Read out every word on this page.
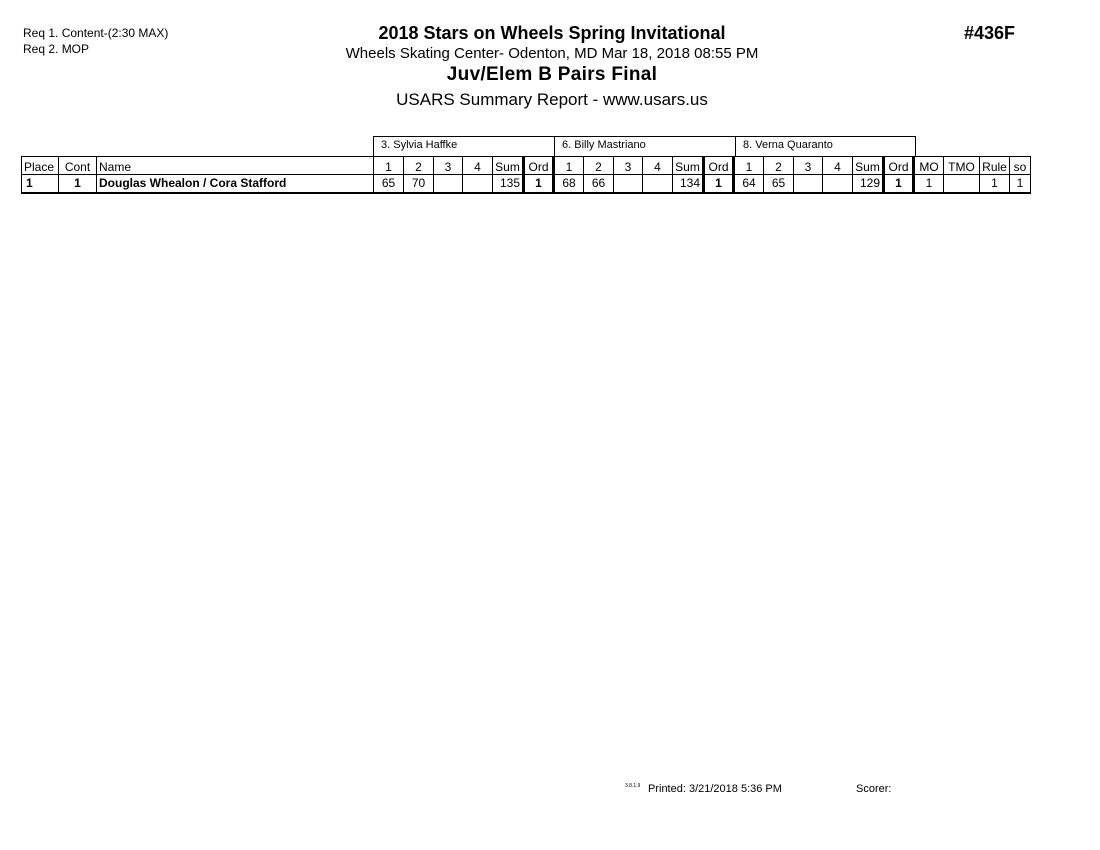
Req 1. Content-(2:30 MAX)
Req 2. MOP
2018 Stars on Wheels Spring Invitational
Wheels Skating Center- Odenton, MD Mar 18, 2018 08:55 PM
Juv/Elem B Pairs Final
USARS Summary Report - www.usars.us
#436F
3. Sylvia Haffke	6. Billy Mastriano	8. Verna Quaranto
Place	Cont	Name	1	2	3	4	Sum	Ord	1	2	3	4	Sum	Ord	1	2	3	4	Sum	Ord	MO	TMO	Rule	so
1	1	Douglas Whealon / Cora Stafford	65	70			135	1	68	66			134	1	64	65			129	1	1		1	1
3.8.1.9 Printed: 3/21/2018 5:36 PM	Scorer:
